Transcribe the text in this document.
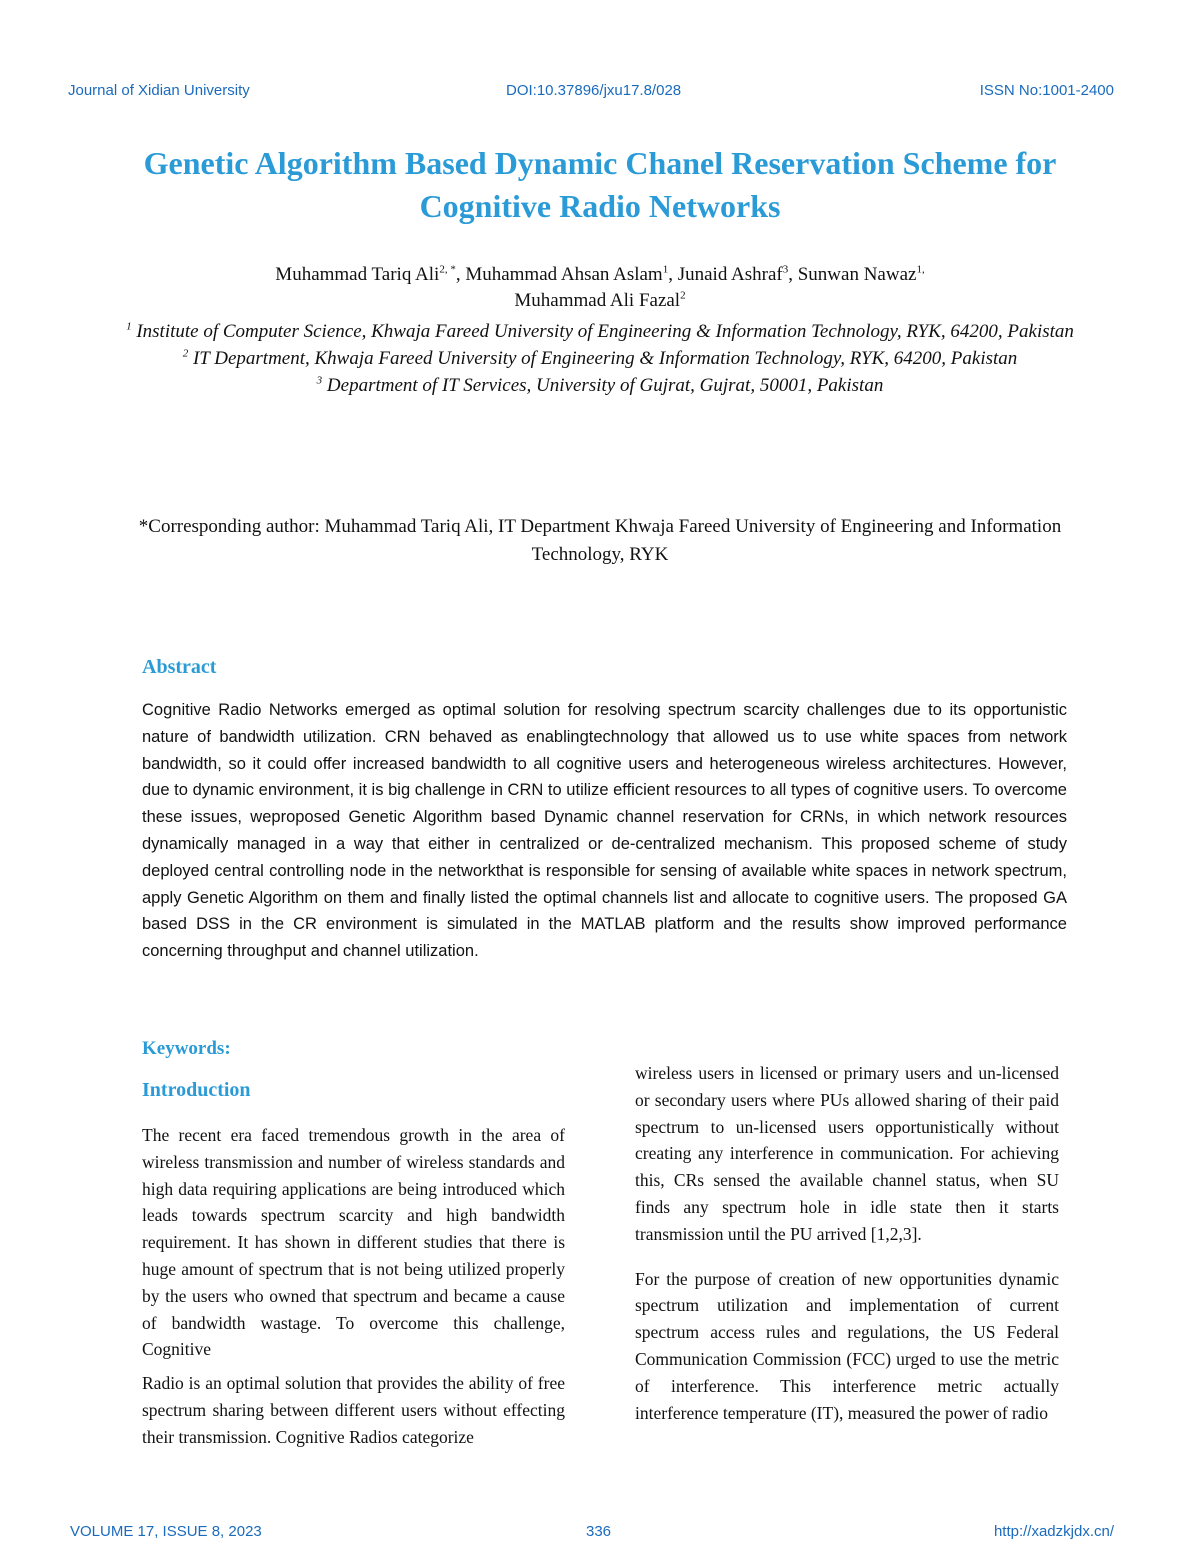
Journal of Xidian University	DOI:10.37896/jxu17.8/028	ISSN No:1001-2400
Genetic Algorithm Based Dynamic Chanel Reservation Scheme for Cognitive Radio Networks
Muhammad Tariq Ali$^{2, *}$, Muhammad Ahsan Aslam$^1$, Junaid Ashraf$^3$, Sunwan Nawaz$^{1,}$
Muhammad Ali Fazal$^2$

$^1$ Institute of Computer Science, Khwaja Fareed University of Engineering & Information Technology, RYK, 64200, Pakistan

$^2$ IT Department, Khwaja Fareed University of Engineering & Information Technology, RYK, 64200, Pakistan

$^3$ Department of IT Services, University of Gujrat, Gujrat, 50001, Pakistan

*Corresponding author: Muhammad Tariq Ali, IT Department Khwaja Fareed University of Engineering and Information Technology, RYK
Abstract
Cognitive Radio Networks emerged as optimal solution for resolving spectrum scarcity challenges due to its opportunistic nature of bandwidth utilization. CRN behaved as enablingtechnology that allowed us to use white spaces from network bandwidth, so it could offer increased bandwidth to all cognitive users and heterogeneous wireless architectures. However, due to dynamic environment, it is big challenge in CRN to utilize efficient resources to all types of cognitive users. To overcome these issues, weproposed Genetic Algorithm based Dynamic channel reservation for CRNs, in which network resources dynamically managed in a way that either in centralized or de-centralized mechanism. This proposed scheme of study deployed central controlling node in the networkthat is responsible for sensing of available white spaces in network spectrum, apply Genetic Algorithm on them and finally listed the optimal channels list and allocate to cognitive users. The proposed GA based DSS in the CR environment is simulated in the MATLAB platform and the results show improved performance concerning throughput and channel utilization.
Keywords:
Introduction

The recent era faced tremendous growth in the area of wireless transmission and number of wireless standards and high data requiring applications are being introduced which leads towards spectrum scarcity and high bandwidth requirement. It has shown in different studies that there is huge amount of spectrum that is not being utilized properly by the users who owned that spectrum and became a cause of bandwidth wastage. To overcome this challenge, Cognitive

Radio is an optimal solution that provides the ability of free spectrum sharing between different users without effecting their transmission. Cognitive Radios categorize

wireless users in licensed or primary users and un-licensed or secondary users where PUs allowed sharing of their paid spectrum to un-licensed users opportunistically without creating any interference in communication. For achieving this, CRs sensed the available channel status, when SU finds any spectrum hole in idle state then it starts transmission until the PU arrived [1,2,3].

For the purpose of creation of new opportunities dynamic spectrum utilization and implementation of current spectrum access rules and regulations, the US Federal Communication Commission (FCC) urged to use the metric of interference. This interference metric actually interference temperature (IT), measured the power of radio

VOLUME 17, ISSUE 8, 2023	336	http://xadzkjdx.cn/
